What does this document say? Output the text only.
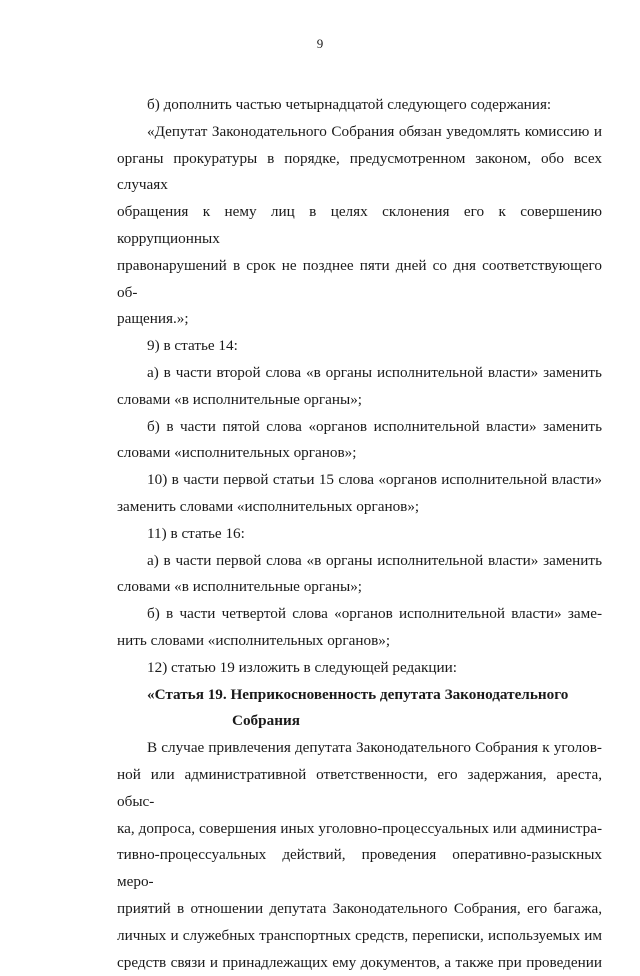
9

б) дополнить частью четырнадцатой следующего содержания:

«Депутат Законодательного Собрания обязан уведомлять комиссию и
органы прокуратуры в порядке, предусмотренном законом, обо всех случаях
обращения к нему лиц в целях склонения его к совершению коррупционных
правонарушений в срок не позднее пяти дней со дня соответствующего об-
ращения.»;

9) в статье 14:

а) в части второй слова «в органы исполнительной власти» заменить
словами «в исполнительные органы»;

б) в части пятой слова «органов исполнительной власти» заменить
словами «исполнительных органов»;

10) в части первой статьи 15 слова «органов исполнительной власти»
заменить словами «исполнительных органов»;

11) в статье 16:

а) в части первой слова «в органы исполнительной власти» заменить
словами «в исполнительные органы»;

б) в части четвертой слова «органов исполнительной власти» заме-
нить словами «исполнительных органов»;

12) статью 19 изложить в следующей редакции:

«Статья 19. Неприкосновенность депутата Законодательного

Собрания

В случае привлечения депутата Законодательного Собрания к уголов-
ной или административной ответственности, его задержания, ареста, обыс-
ка, допроса, совершения иных уголовно-процессуальных или администра-
тивно-процессуальных действий, проведения оперативно-разыскных меро-
приятий в отношении депутата Законодательного Собрания, его багажа,
личных и служебных транспортных средств, переписки, используемых им
средств связи и принадлежащих ему документов, а также при проведении
